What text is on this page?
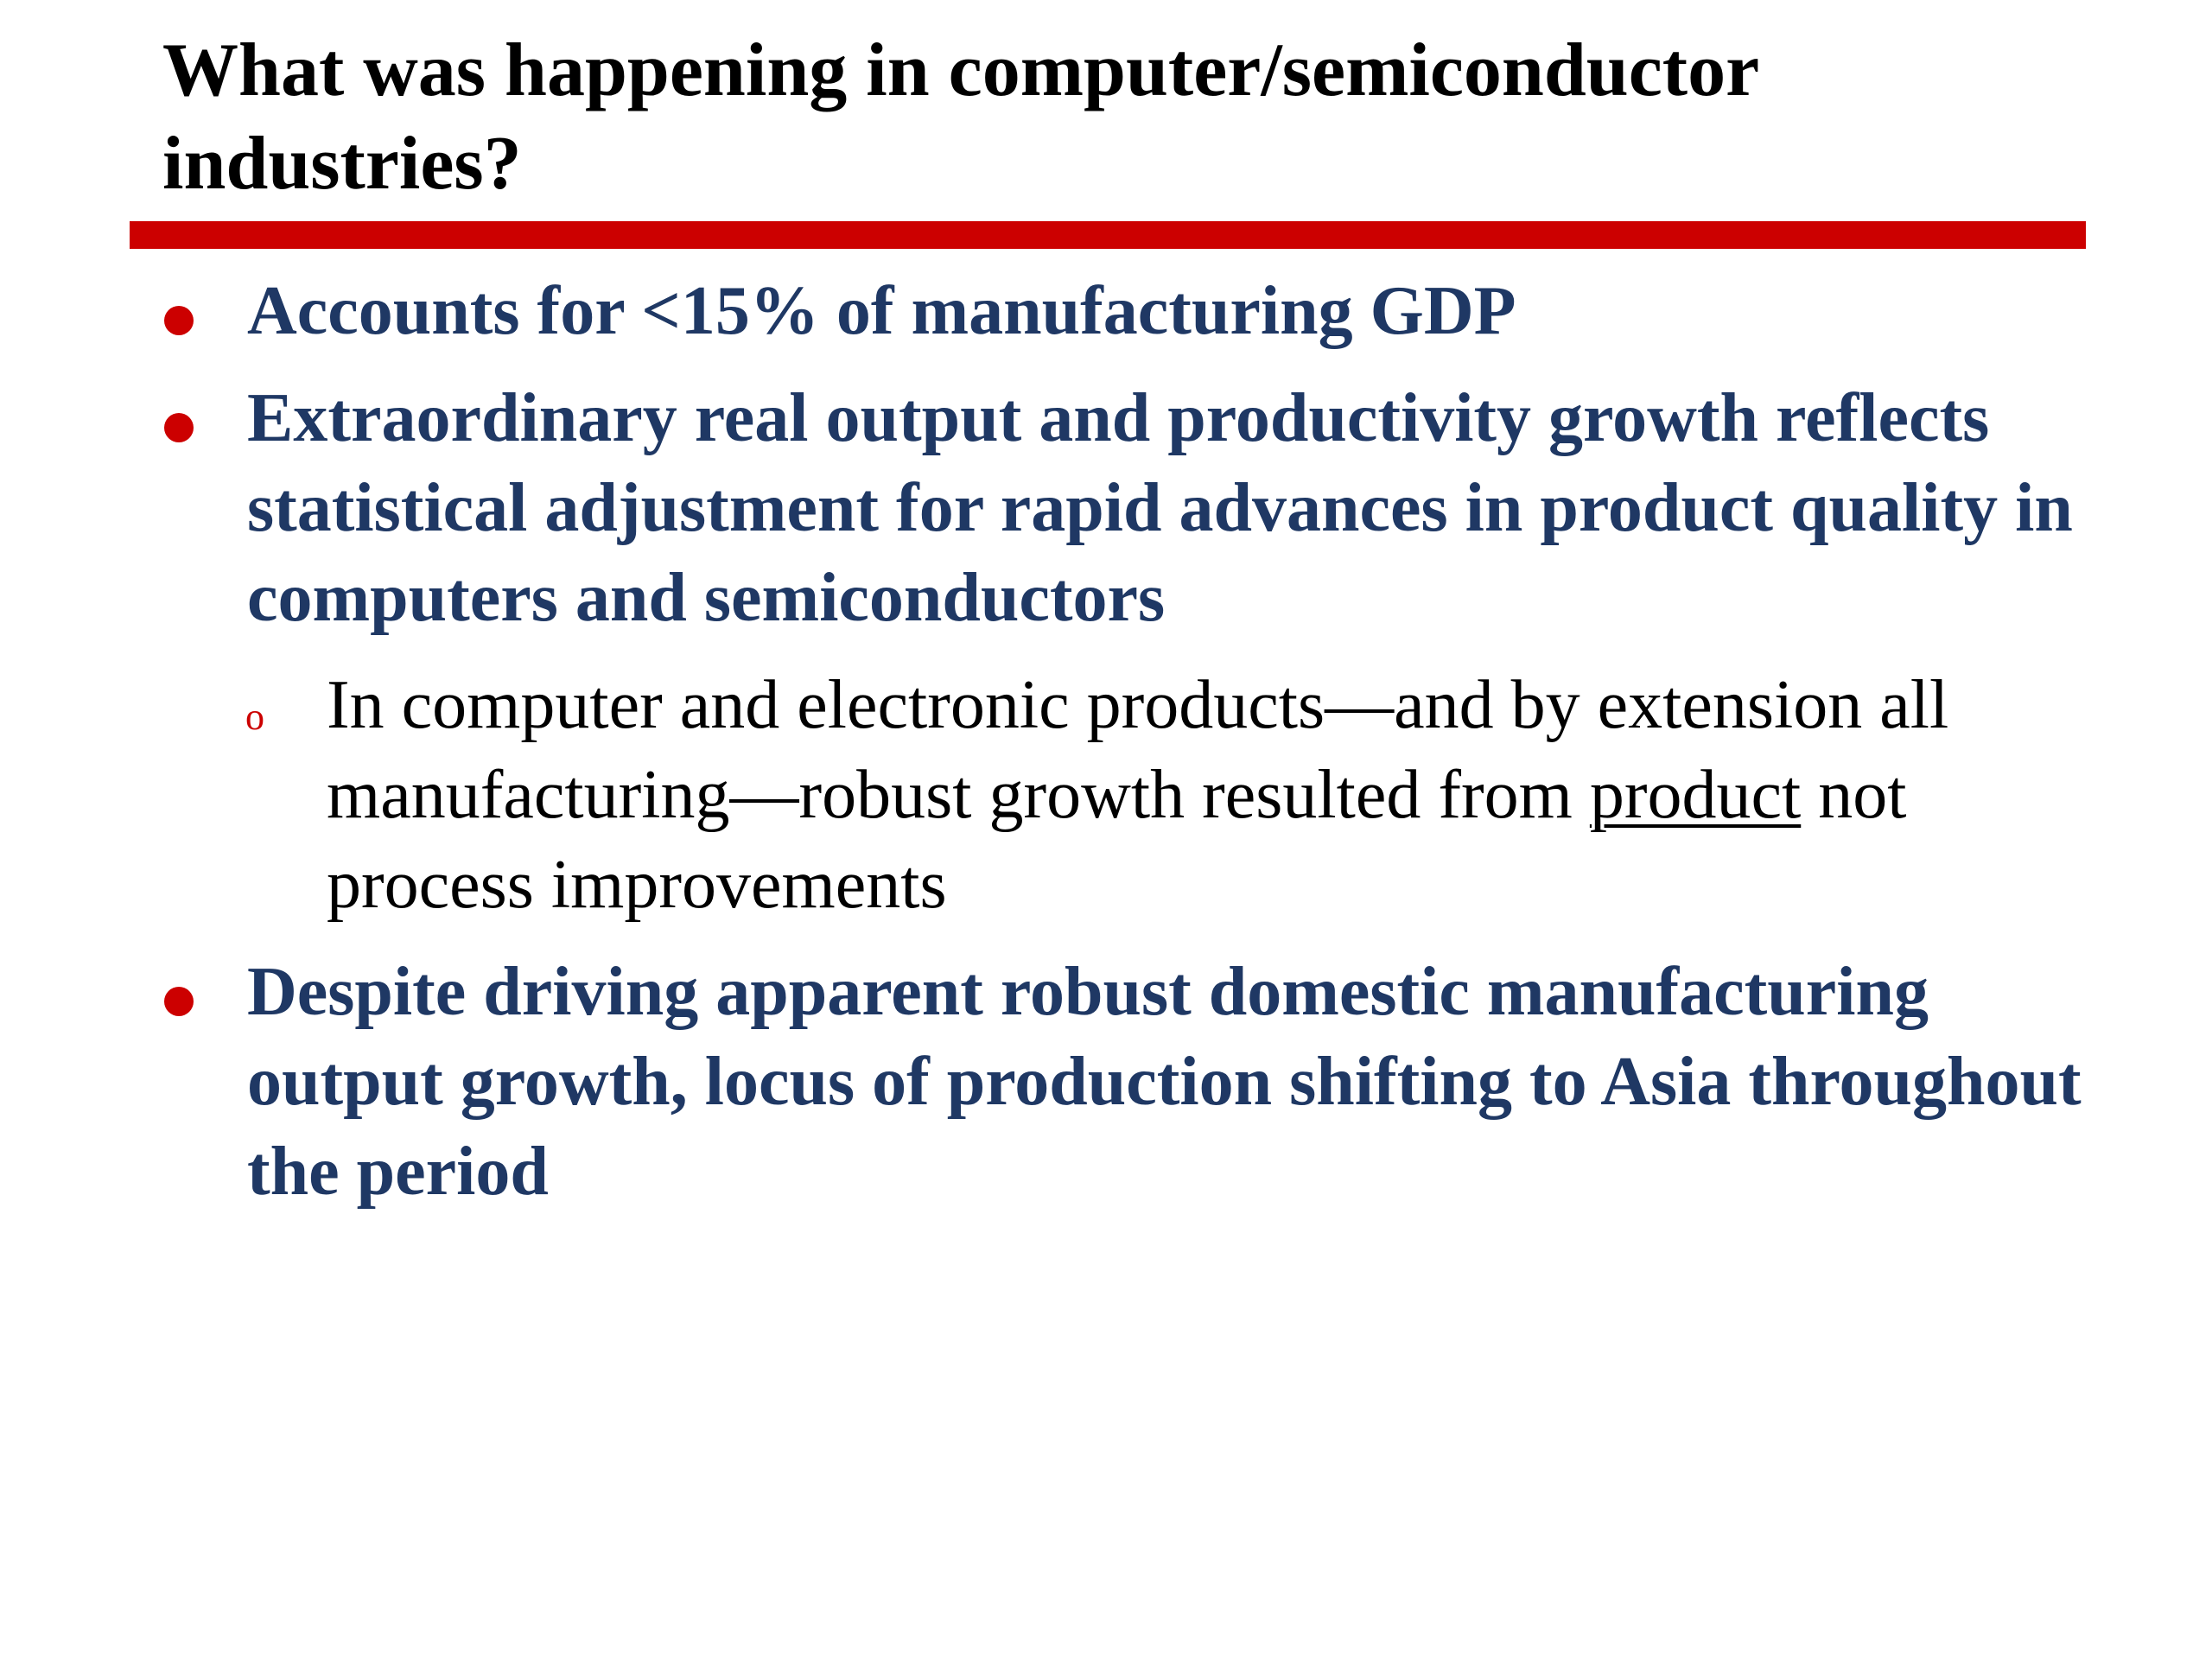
What was happening in computer/semiconductor industries?
Accounts for <15% of manufacturing GDP
Extraordinary real output and productivity growth reflects statistical adjustment for rapid advances in product quality in computers and semiconductors
o In computer and electronic products—and by extension all manufacturing—robust growth resulted from product not process improvements
Despite driving apparent robust domestic manufacturing output growth, locus of production shifting to Asia throughout the period
